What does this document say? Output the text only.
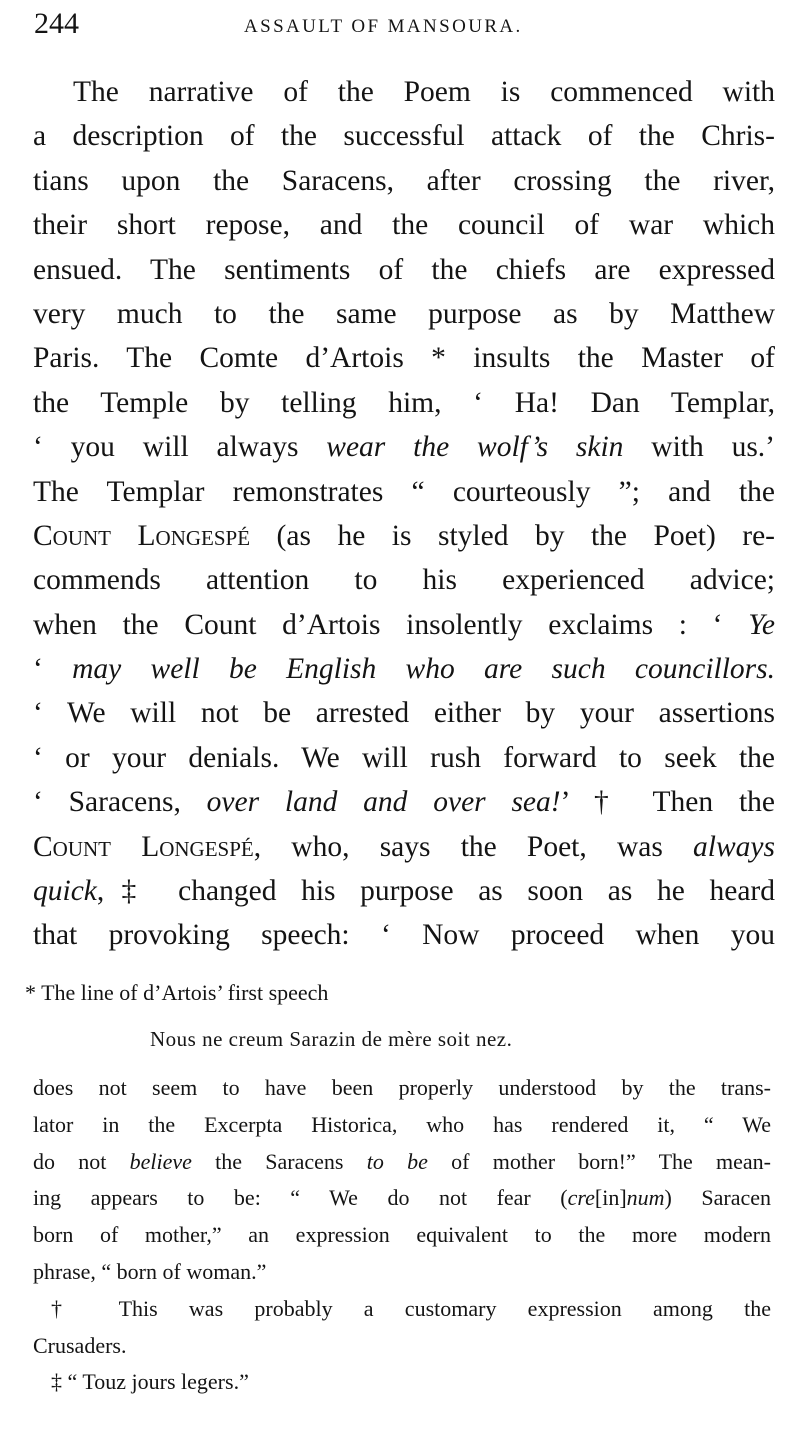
244	ASSAULT OF MANSOURA.
The narrative of the Poem is commenced with
a description of the successful attack of the Chris-
tians upon the Saracens, after crossing the river,
their short repose, and the council of war which
ensued. The sentiments of the chiefs are expressed
very much to the same purpose as by Matthew
Paris. The Comte d’Artois * insults the Master of
the Temple by telling him, ‘ Ha! Dan Templar,
‘ you will always wear the wolf’s skin with us.’
The Templar remonstrates “ courteously ”; and the
Count Longespé (as he is styled by the Poet) re-
commends attention to his experienced advice;
when the Count d’Artois insolently exclaims : ‘ Ye
‘ may well be English who are such councillors.
‘ We will not be arrested either by your assertions
‘ or your denials. We will rush forward to seek the
‘ Saracens, over land and over sea!’ † Then the
Count Longespé, who, says the Poet, was always
quick,‡ changed his purpose as soon as he heard
that provoking speech: ‘ Now proceed when you
* The line of d’Artois’ first speech
Nous ne creum Sarazin de mère soit nez.
does not seem to have been properly understood by the trans-
lator in the Excerpta Historica, who has rendered it, “ We
do not believe the Saracens to be of mother born!” The mean-
ing appears to be: “ We do not fear (cre[in]num) Saracen
born of mother,” an expression equivalent to the more modern
phrase, “ born of woman.”
† This was probably a customary expression among the
Crusaders.
‡ “ Touz jours legers.”
